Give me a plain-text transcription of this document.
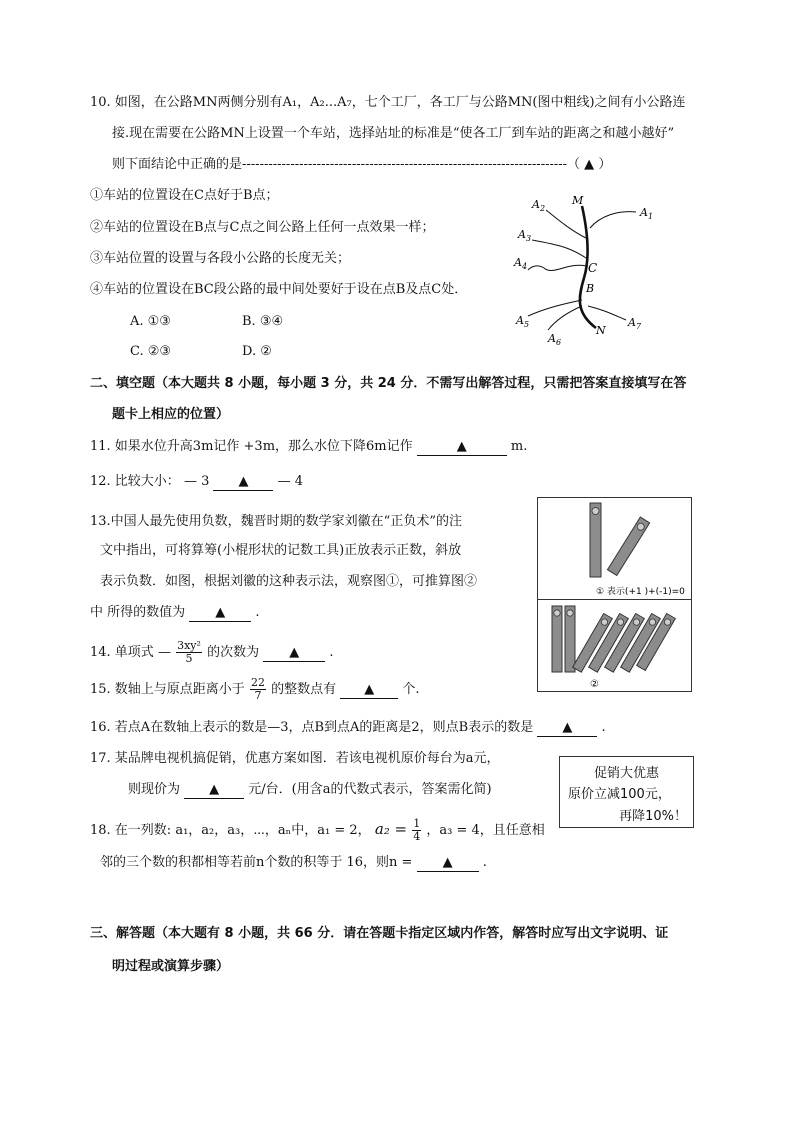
10. 如图，在公路MN两侧分别有A₁，A₂...A₇，七个工厂，各工厂与公路MN(图中粗线)之间有小公路连
接.现在需要在公路MN上设置一个车站，选择站址的标准是“使各工厂到车站的距离之和越小越好”
则下面结论中正确的是--------------------------------------------------------------------------（ ▲ ）
①车站的位置设在C点好于B点；
②车站的位置设在B点与C点之间公路上任何一点效果一样；
③车站位置的设置与各段小公路的长度无关；
④车站的位置设在BC段公路的最中间处要好于设在点B及点C处．
A. ①③	B. ③④
C. ②③	D. ②
$A_2$
M
$A_1$
$A_3$
$A_4$	C
B
$A_5$
$A_6$
N
$A_7$
二、填空题（本大题共 8 小题，每小题 3 分，共 24 分．不需写出解答过程，只需把答案直接填写在答
题卡上相应的位置）
11. 如果水位升高3m记作 +3m，那么水位下降6m记作	▲	m.
12. 比较大小： — 3 ▲ — 4
13.中国人最先使用负数，魏晋时期的数学家刘徽在“正负术”的注
文中指出，可将算筹(小棍形状的记数工具)正放表示正数，斜放
表示负数．如图，根据刘徽的这种表示法，观察图①，可推算图②
中 所得的数值为 ▲ .
① 表示(+1 )+(-1)=0
②
14. 单项式 — $\frac{\text{3xy²}}{5}$ 的次数为 ▲ .
15. 数轴上与原点距离小于 $\frac{22}{7}$ 的整数点有 ▲ 个.
16. 若点A在数轴上表示的数是—3，点B到点A的距离是2，则点B表示的数是 ▲ .
17. 某品牌电视机搞促销，优惠方案如图．若该电视机原价每台为a元，
则现价为 ▲ 元/台．(用含a的代数式表示，答案需化简)
促销大优惠
原价立减100元，
再降10%！
18. 在一列数: a₁，a₂，a₃，⋯，aₙ中，a₁ = 2， $a_2 = \frac{1}{4}$ ，a₃ = 4，且任意相
邻的三个数的积都相等若前n个数的积等于 16，则n = ▲ .
三、解答题（本大题有 8 小题，共 66 分．请在答题卡指定区域内作答，解答时应写出文字说明、证
明过程或演算步骤）
